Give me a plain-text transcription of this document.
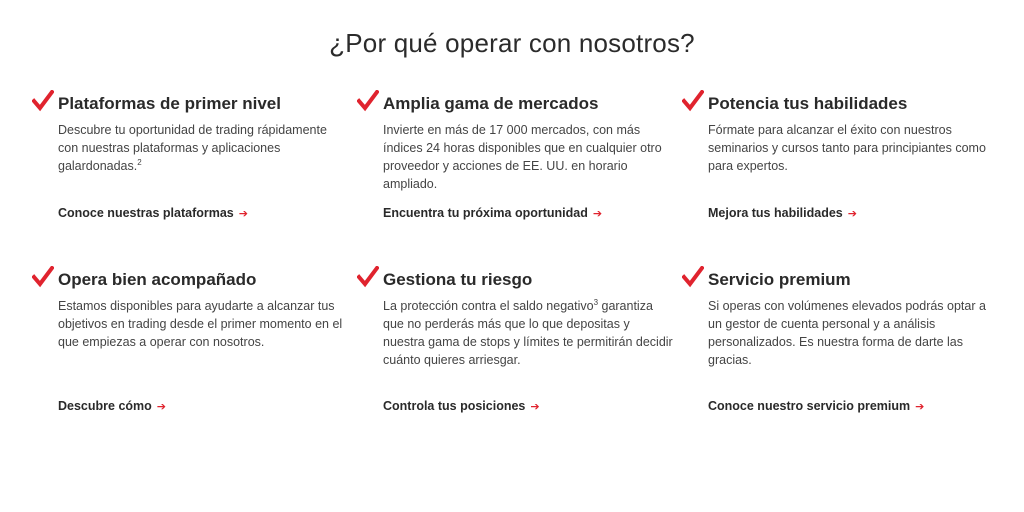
¿Por qué operar con nosotros?
Plataformas de primer nivel
Descubre tu oportunidad de trading rápidamente con nuestras plataformas y aplicaciones galardonadas.$^2$
Conoce nuestras plataformas ➔
Amplia gama de mercados
Invierte en más de 17 000 mercados, con más índices 24 horas disponibles que en cualquier otro proveedor y acciones de EE. UU. en horario ampliado.
Encuentra tu próxima oportunidad ➔
Potencia tus habilidades
Fórmate para alcanzar el éxito con nuestros seminarios y cursos tanto para principiantes como para expertos.
Mejora tus habilidades ➔
Opera bien acompañado
Estamos disponibles para ayudarte a alcanzar tus objetivos en trading desde el primer momento en el que empiezas a operar con nosotros.
Descubre cómo ➔
Gestiona tu riesgo
La protección contra el saldo negativo$^3$ garantiza que no perderás más que lo que depositas y nuestra gama de stops y límites te permitirán decidir cuánto quieres arriesgar.
Controla tus posiciones ➔
Servicio premium
Si operas con volúmenes elevados podrás optar a un gestor de cuenta personal y a análisis personalizados. Es nuestra forma de darte las gracias.
Conoce nuestro servicio premium ➔
